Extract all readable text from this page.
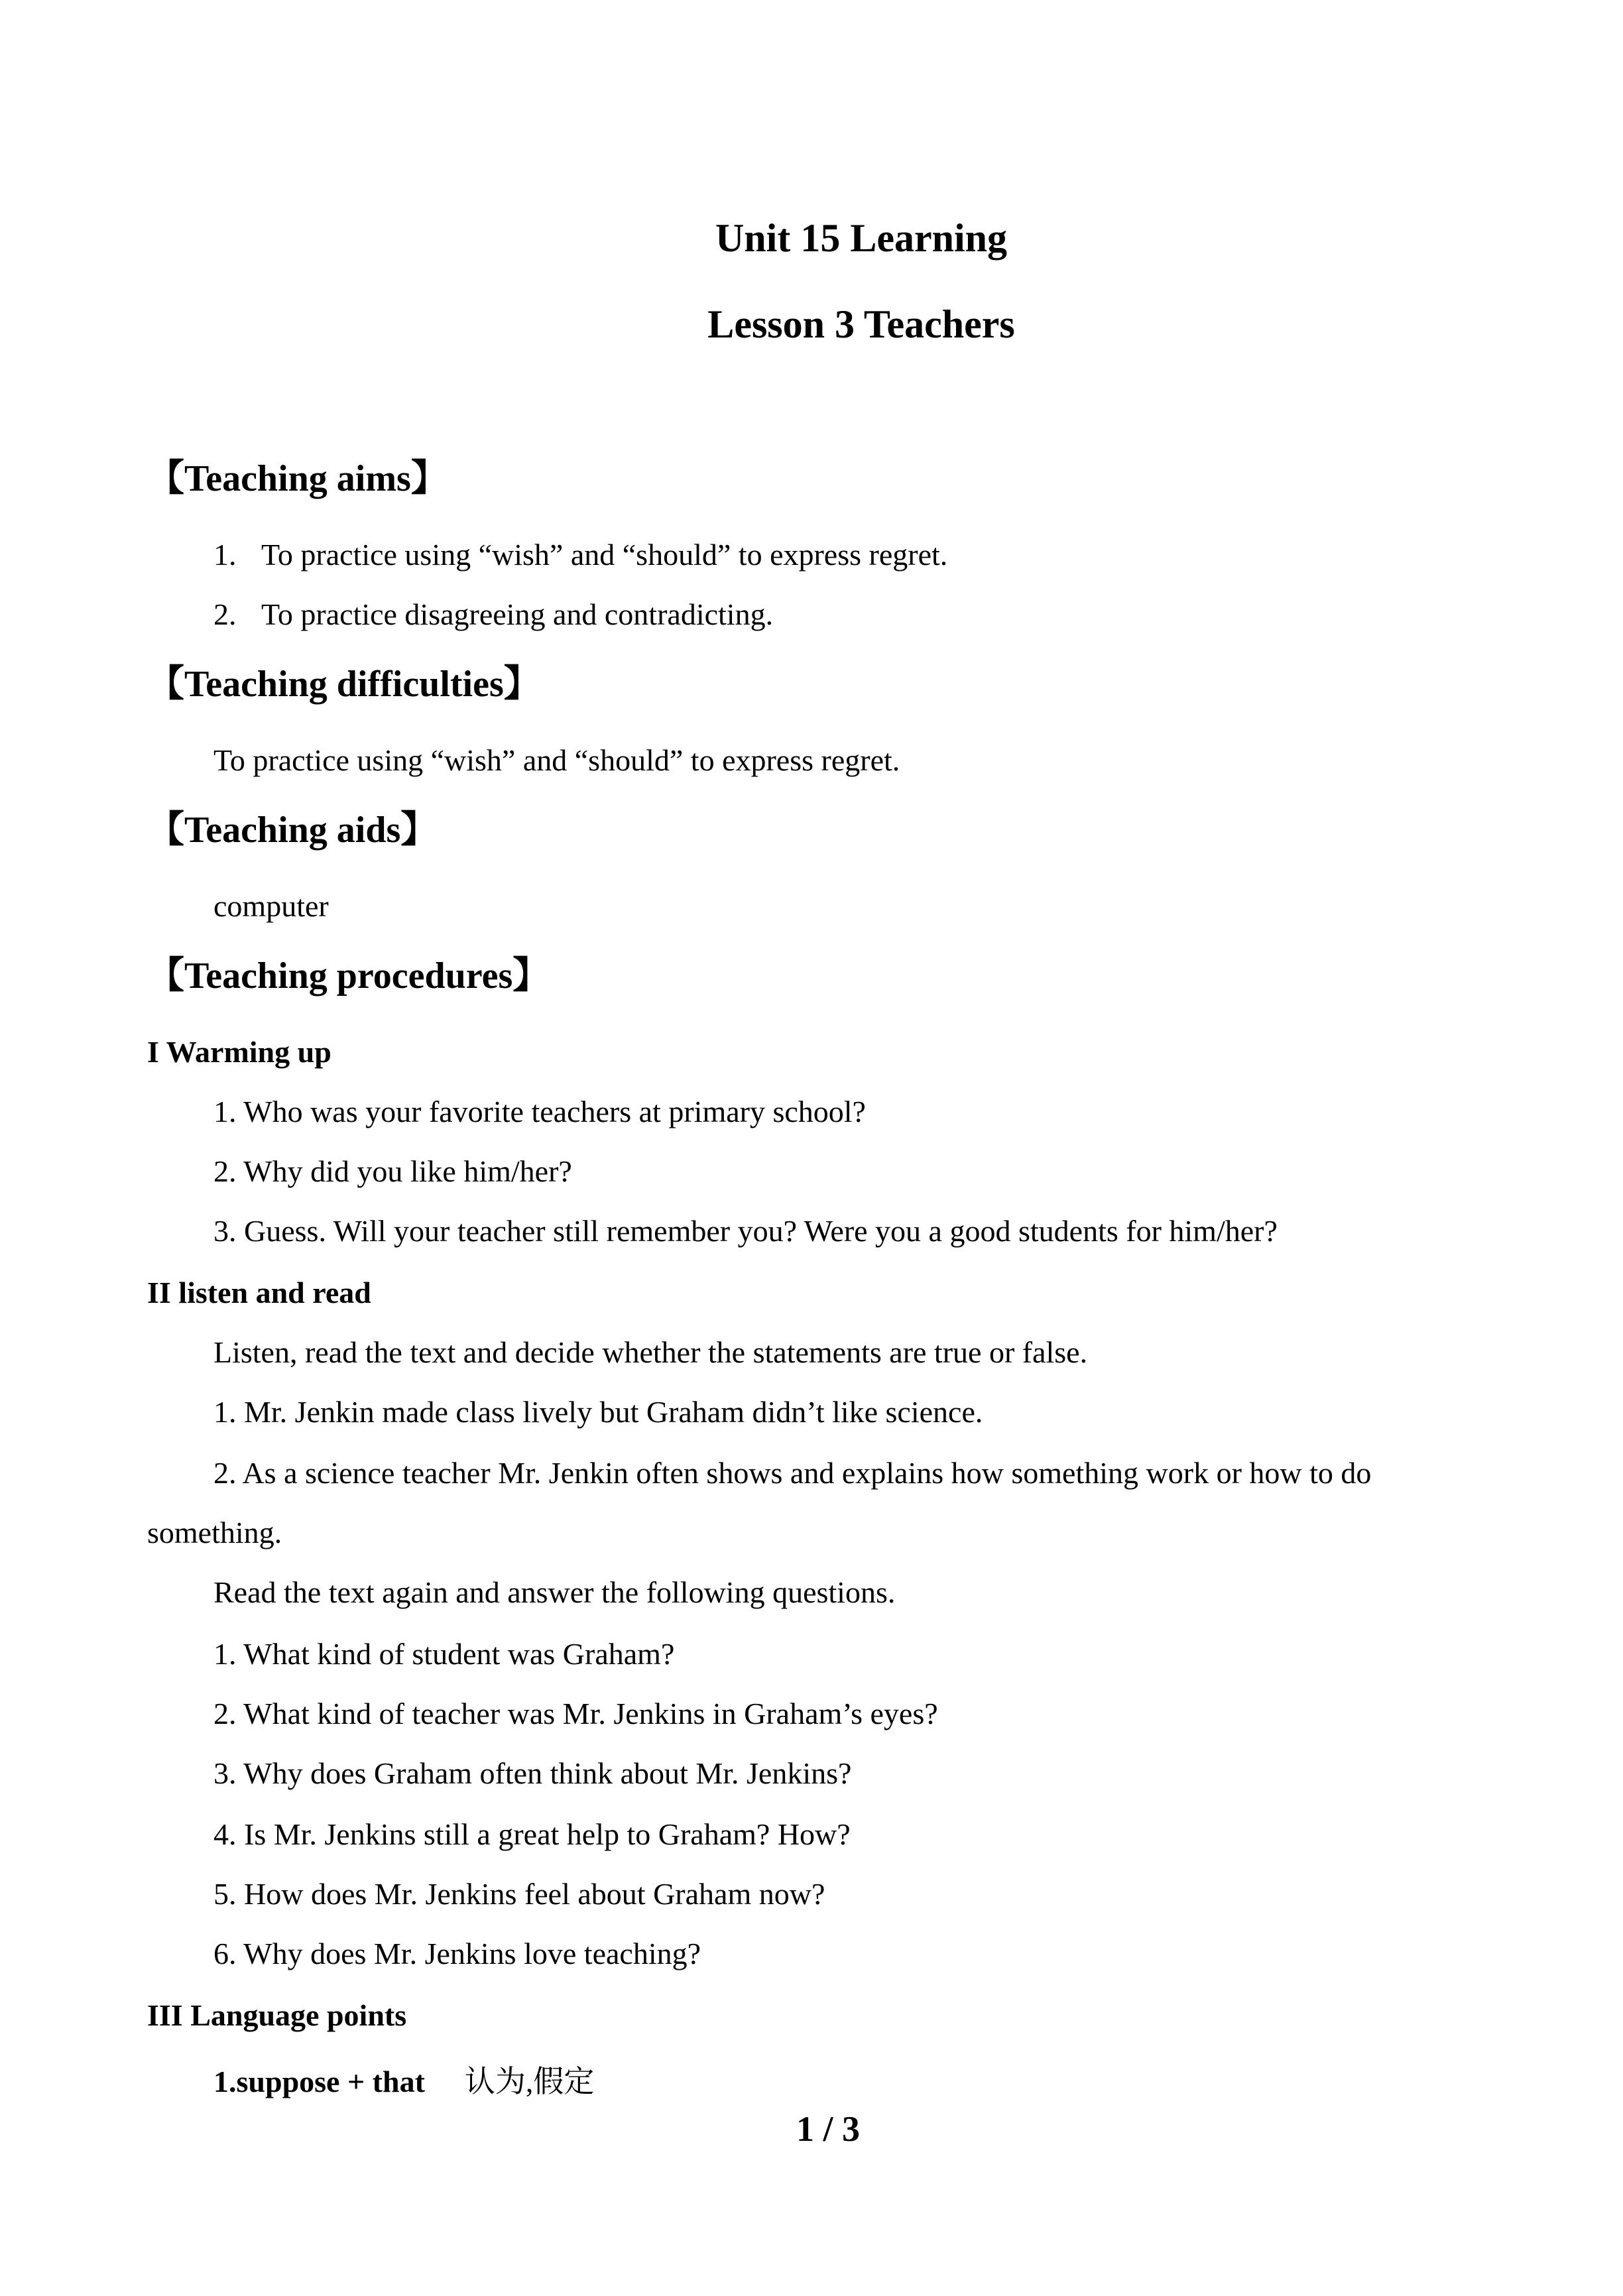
Unit 15 Learning
Lesson 3 Teachers
【Teaching aims】
1. To practice using “wish” and “should” to express regret.
2. To practice disagreeing and contradicting.
【Teaching difficulties】
To practice using “wish” and “should” to express regret.
【Teaching aids】
computer
【Teaching procedures】
I Warming up
1. Who was your favorite teachers at primary school?
2. Why did you like him/her?
3. Guess. Will your teacher still remember you? Were you a good students for him/her?
II listen and read
Listen, read the text and decide whether the statements are true or false.
1. Mr. Jenkin made class lively but Graham didn’t like science.
2. As a science teacher Mr. Jenkin often shows and explains how something work or how to do
something.
Read the text again and answer the following questions.
1. What kind of student was Graham?
2. What kind of teacher was Mr. Jenkins in Graham’s eyes?
3. Why does Graham often think about Mr. Jenkins?
4. Is Mr. Jenkins still a great help to Graham? How?
5. How does Mr. Jenkins feel about Graham now?
6. Why does Mr. Jenkins love teaching?
III Language points
1.suppose + that 认为,假定
1 / 3
